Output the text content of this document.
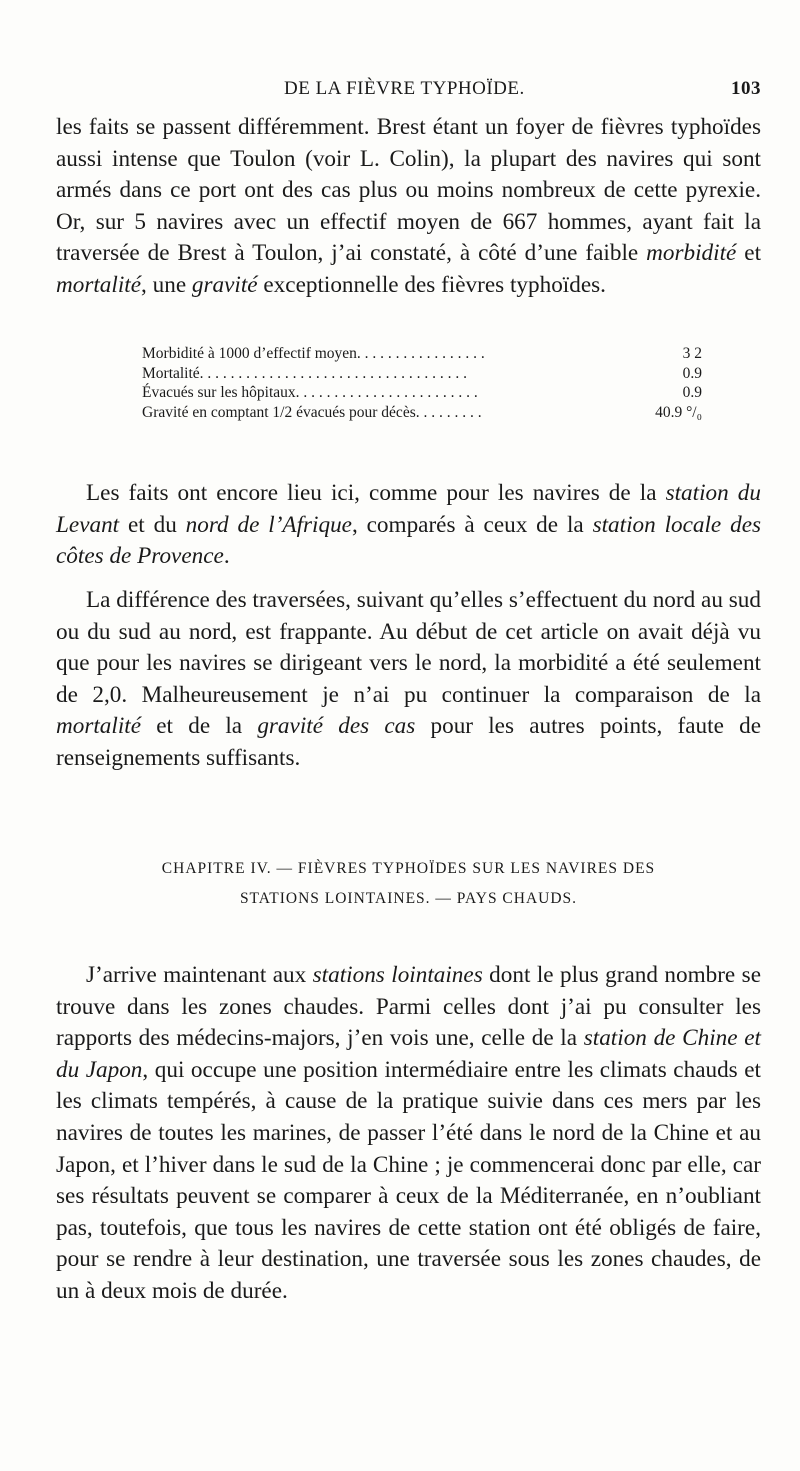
DE LA FIÈVRE TYPHOÏDE.	103

les faits se passent différemment. Brest étant un foyer de fièvres typhoïdes aussi intense que Toulon (voir L. Colin), la plupart des navires qui sont armés dans ce port ont des cas plus ou moins nombreux de cette pyrexie. Or, sur 5 navires avec un effectif moyen de 667 hommes, ayant fait la traversée de Brest à Toulon, j’ai constaté, à côté d’une faible morbidité et mortalité, une gravité exceptionnelle des fièvres typhoïdes.

Morbidité à 1000 d’effectif moyen. . . . . . . . . . . . . . . . .	3 2
Mortalité. . . . . . . . . . . . . . . . . . . . . . . . . . . . . . . . . . .	0.9
Évacués sur les hôpitaux. . . . . . . . . . . . . . . . . . . . . . . .	0.9
Gravité en comptant 1/2 évacués pour décès. . . . . . . . .	40.9 °/₀

Les faits ont encore lieu ici, comme pour les navires de la station du Levant et du nord de l’Afrique, comparés à ceux de la station locale des côtes de Provence.

La différence des traversées, suivant qu’elles s’effectuent du nord au sud ou du sud au nord, est frappante. Au début de cet article on avait déjà vu que pour les navires se dirigeant vers le nord, la morbidité a été seulement de 2,0. Malheureusement je n’ai pu continuer la comparaison de la mortalité et de la gravité des cas pour les autres points, faute de renseignements suffisants.

CHAPITRE IV. — FIÈVRES TYPHOÏDES SUR LES NAVIRES DES
STATIONS LOINTAINES. — PAYS CHAUDS.

J’arrive maintenant aux stations lointaines dont le plus grand nombre se trouve dans les zones chaudes. Parmi celles dont j’ai pu consulter les rapports des médecins-majors, j’en vois une, celle de la station de Chine et du Japon, qui occupe une position intermédiaire entre les climats chauds et les climats tempérés, à cause de la pratique suivie dans ces mers par les navires de toutes les marines, de passer l’été dans le nord de la Chine et au Japon, et l’hiver dans le sud de la Chine ; je commencerai donc par elle, car ses résultats peuvent se comparer à ceux de la Méditerranée, en n’oubliant pas, toutefois, que tous les navires de cette station ont été obligés de faire, pour se rendre à leur destination, une traversée sous les zones chaudes, de un à deux mois de durée.
